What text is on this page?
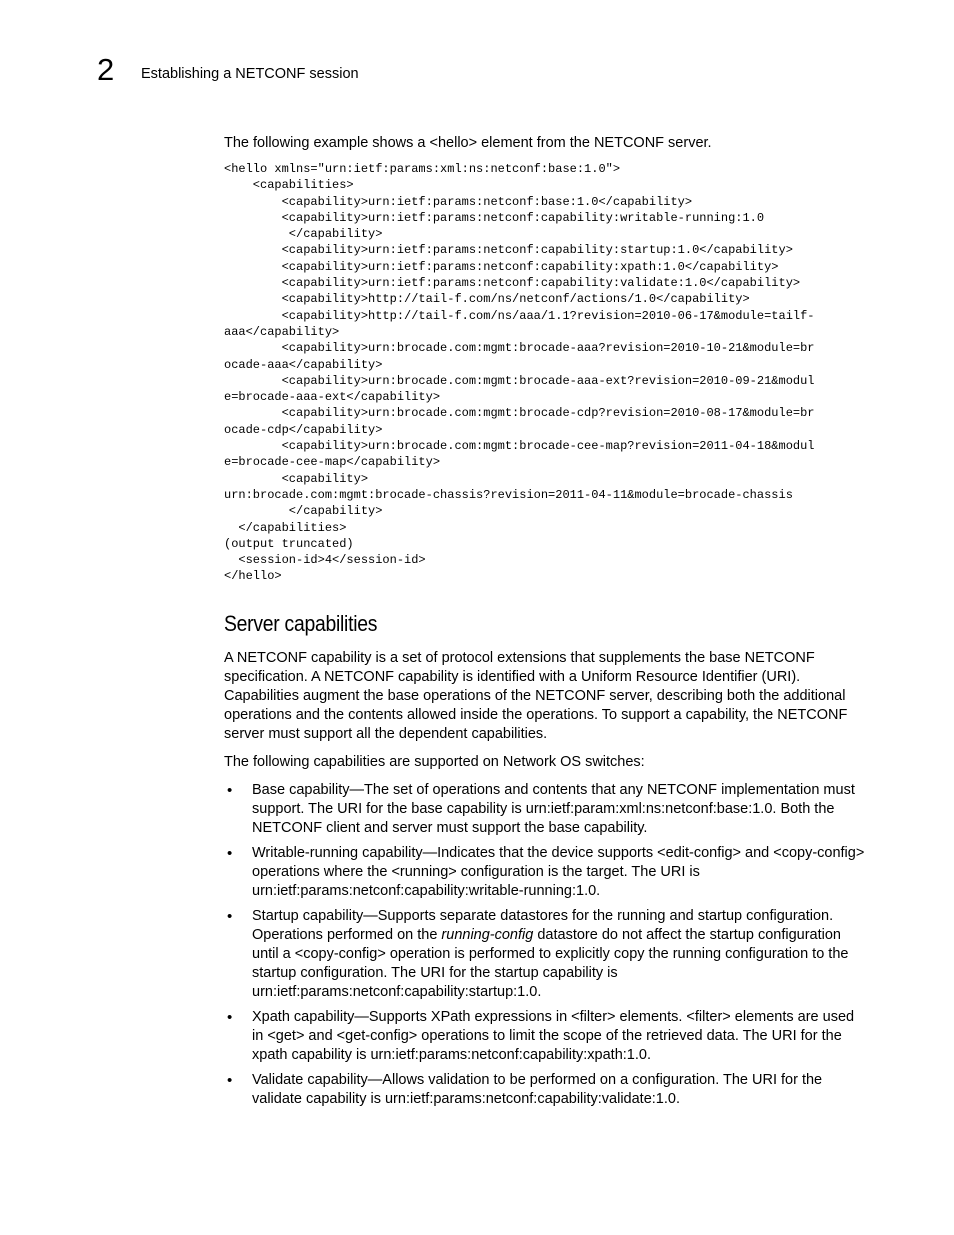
2 Establishing a NETCONF session

The following example shows a <hello> element from the NETCONF server.

<hello xmlns="urn:ietf:params:xml:ns:netconf:base:1.0">
<capabilities>
<capability>urn:ietf:params:netconf:base:1.0</capability>
<capability>urn:ietf:params:netconf:capability:writable-running:1.0
</capability>
<capability>urn:ietf:params:netconf:capability:startup:1.0</capability>
<capability>urn:ietf:params:netconf:capability:xpath:1.0</capability>
<capability>urn:ietf:params:netconf:capability:validate:1.0</capability>
<capability>http://tail-f.com/ns/netconf/actions/1.0</capability>
<capability>http://tail-f.com/ns/aaa/1.1?revision=2010-06-17&module=tailf-
aaa</capability>
<capability>urn:brocade.com:mgmt:brocade-aaa?revision=2010-10-21&module=br
ocade-aaa</capability>
<capability>urn:brocade.com:mgmt:brocade-aaa-ext?revision=2010-09-21&modul
e=brocade-aaa-ext</capability>
<capability>urn:brocade.com:mgmt:brocade-cdp?revision=2010-08-17&module=br
ocade-cdp</capability>
<capability>urn:brocade.com:mgmt:brocade-cee-map?revision=2011-04-18&modul
e=brocade-cee-map</capability>
<capability>
urn:brocade.com:mgmt:brocade-chassis?revision=2011-04-11&module=brocade-chassis
</capability>
</capabilities>
(output truncated)
<session-id>4</session-id>
</hello>
Server capabilities

A NETCONF capability is a set of protocol extensions that supplements the base NETCONF specification. A NETCONF capability is identified with a Uniform Resource Identifier (URI). Capabilities augment the base operations of the NETCONF server, describing both the additional operations and the contents allowed inside the operations. To support a capability, the NETCONF server must support all the dependent capabilities.

The following capabilities are supported on Network OS switches:

• Base capability—The set of operations and contents that any NETCONF implementation must support. The URI for the base capability is urn:ietf:param:xml:ns:netconf:base:1.0. Both the NETCONF client and server must support the base capability.
• Writable-running capability—Indicates that the device supports <edit-config> and <copy-config> operations where the <running> configuration is the target. The URI is urn:ietf:params:netconf:capability:writable-running:1.0.
• Startup capability—Supports separate datastores for the running and startup configuration. Operations performed on the running-config datastore do not affect the startup configuration until a <copy-config> operation is performed to explicitly copy the running configuration to the startup configuration. The URI for the startup capability is urn:ietf:params:netconf:capability:startup:1.0.
• Xpath capability—Supports XPath expressions in <filter> elements. <filter> elements are used in <get> and <get-config> operations to limit the scope of the retrieved data. The URI for the xpath capability is urn:ietf:params:netconf:capability:xpath:1.0.
• Validate capability—Allows validation to be performed on a configuration. The URI for the validate capability is urn:ietf:params:netconf:capability:validate:1.0.
